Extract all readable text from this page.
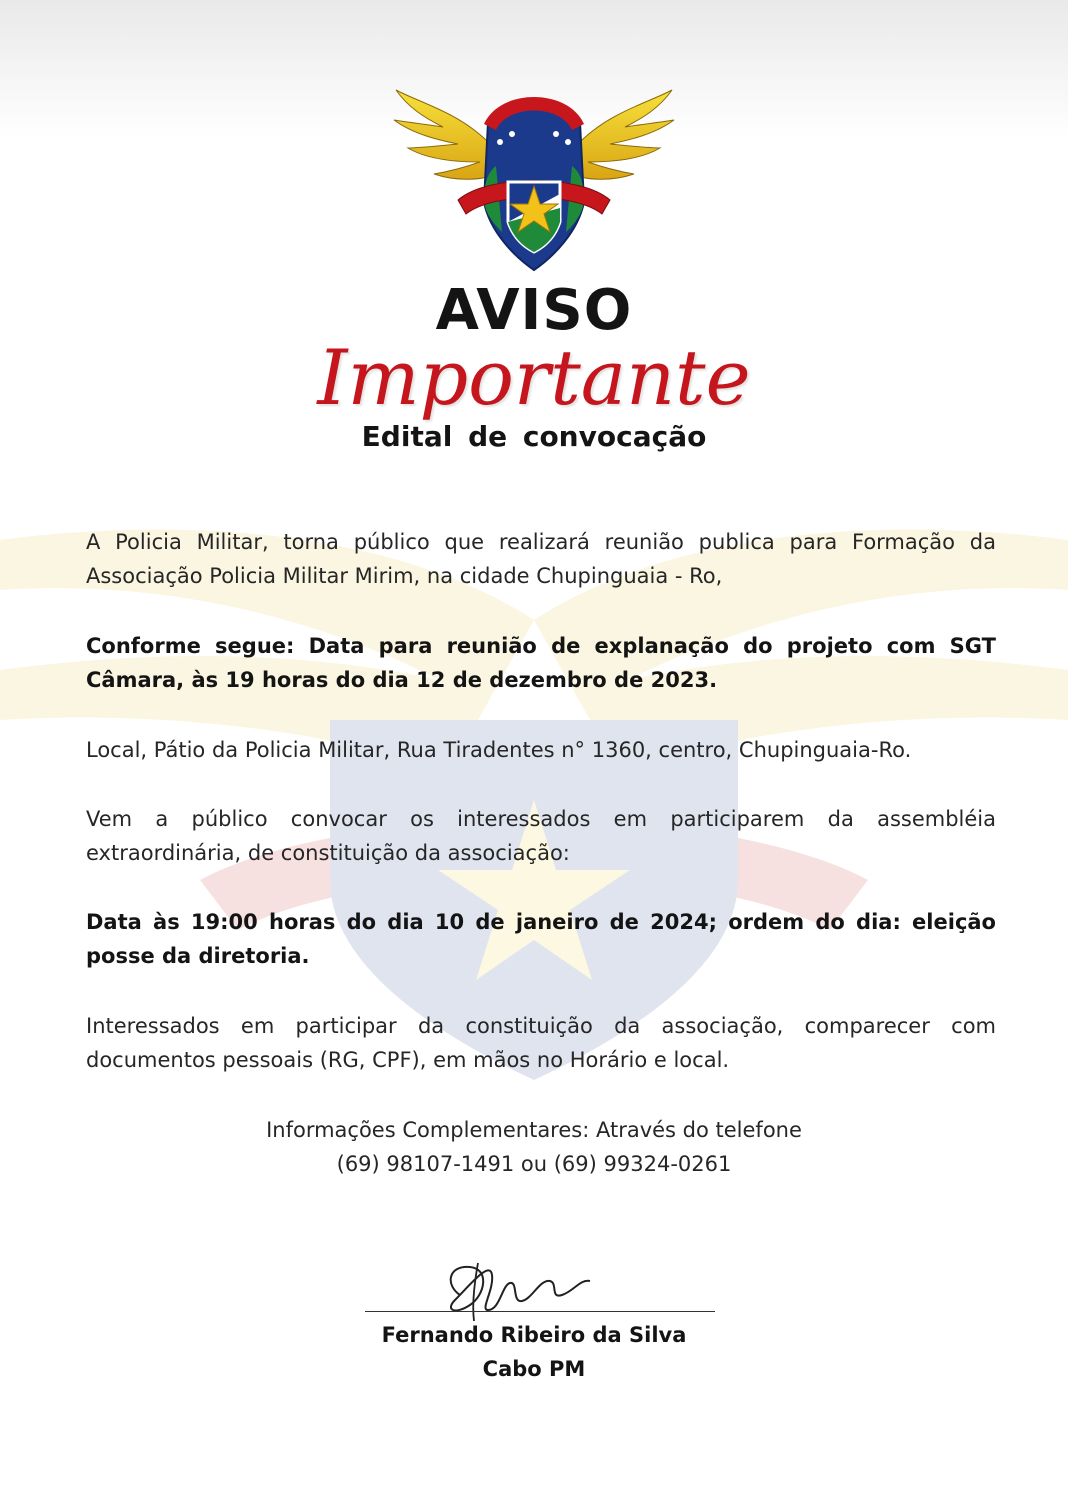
AVISO
Importante
Edital de convocação
A Policia Militar, torna público que realizará reunião publica para Formação da Associação Policia Militar Mirim, na cidade Chupinguaia - Ro,
Conforme segue: Data para reunião de explanação do projeto com SGT Câmara, às 19 horas do dia 12 de dezembro de 2023.
Local, Pátio da Policia Militar, Rua Tiradentes n° 1360, centro, Chupinguaia-Ro.
Vem a público convocar os interessados em participarem da assembléia extraordinária, de constituição da associação:
Data às 19:00 horas do dia 10 de janeiro de 2024; ordem do dia: eleição posse da diretoria.
Interessados em participar da constituição da associação, comparecer com documentos pessoais (RG, CPF), em mãos no Horário e local.
Informações Complementares: Através do telefone
(69) 98107-1491 ou (69) 99324-0261
Fernando Ribeiro da Silva
Cabo PM
